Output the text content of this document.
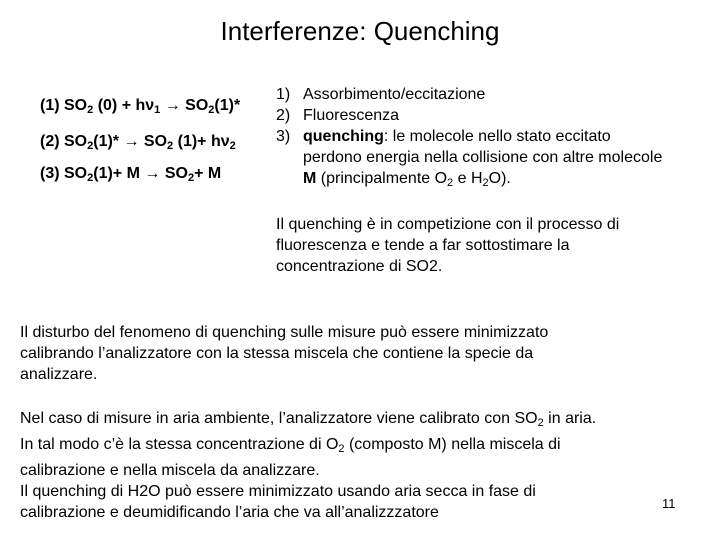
Interferenze: Quenching
(1) $SO_2$ $(0) + h\nu_1 \to SO_2(1)*$
(2) $SO_2(1)* \to SO_2$ $(1)+ h\nu_2$
(3) $SO_2(1)+ M \to SO_2+ M$
1) Assorbimento/eccitazione
2) Fluorescenza
3) quenching: le molecole nello stato eccitato
perdono energia nella collisione con altre molecole
M (principalmente $O_2$ e $H_2O$).
Il quenching è in competizione con il processo di
fluorescenza e tende a far sottostimare la
concentrazione di SO2.
Il disturbo del fenomeno di quenching sulle misure può essere minimizzato
calibrando l’analizzatore con la stessa miscela che contiene la specie da
analizzare.
Nel caso di misure in aria ambiente, l’analizzatore viene calibrato con $SO_2$ in aria.
In tal modo c’è la stessa concentrazione di $O_2$ (composto M) nella miscela di
calibrazione e nella miscela da analizzare.
Il quenching di H2O può essere minimizzato usando aria secca in fase di
calibrazione e deumidificando l’aria che va all’analizzzatore
11
